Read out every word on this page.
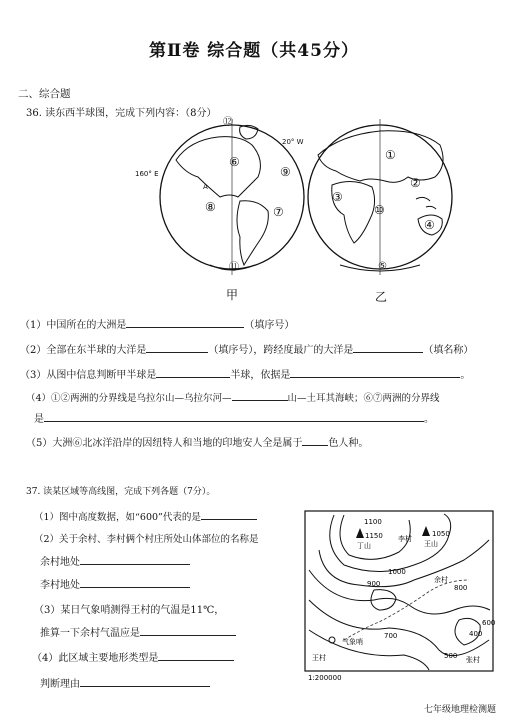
第Ⅱ卷 综合题（共45分）
二、综合题
36. 读东西半球图，完成下列内容：（8分）
⑫
⑥
⑨
⑧	⑦
⑪
160° E
20° W
A
甲
①
②
③
⑩
④
⑤
乙
（1）中国所在的大洲是	（填序号）
（2）全部在东半球的大洋是	（填序号），跨经度最广的大洋是	（填名称）
（3）从图中信息判断甲半球是	半球，依据是	。
（4）①②两洲的分界线是乌拉尔山—乌拉尔河—	山—土耳其海峡；⑥⑦两洲的分界线
是	。
（5）大洲⑥北冰洋沿岸的因纽特人和当地的印地安人全是属于	色人种。
37. 读某区域等高线图，完成下列各题（7分）。
（1）图中高度数据，如“600”代表的是
（2）关于余村、李村俩个村庄所处山体部位的名称是
余村地处
李村地处
（3）某日气象哨测得王村的气温是11℃，
推算一下余村气温应是
（4）此区域主要地形类型是
判断理由
1100
1000
900	800
700
600
500
400
1150	1050
丁山	王山
李村
余村
王村	张村
气象哨
1:200000
七年级地理检测题
